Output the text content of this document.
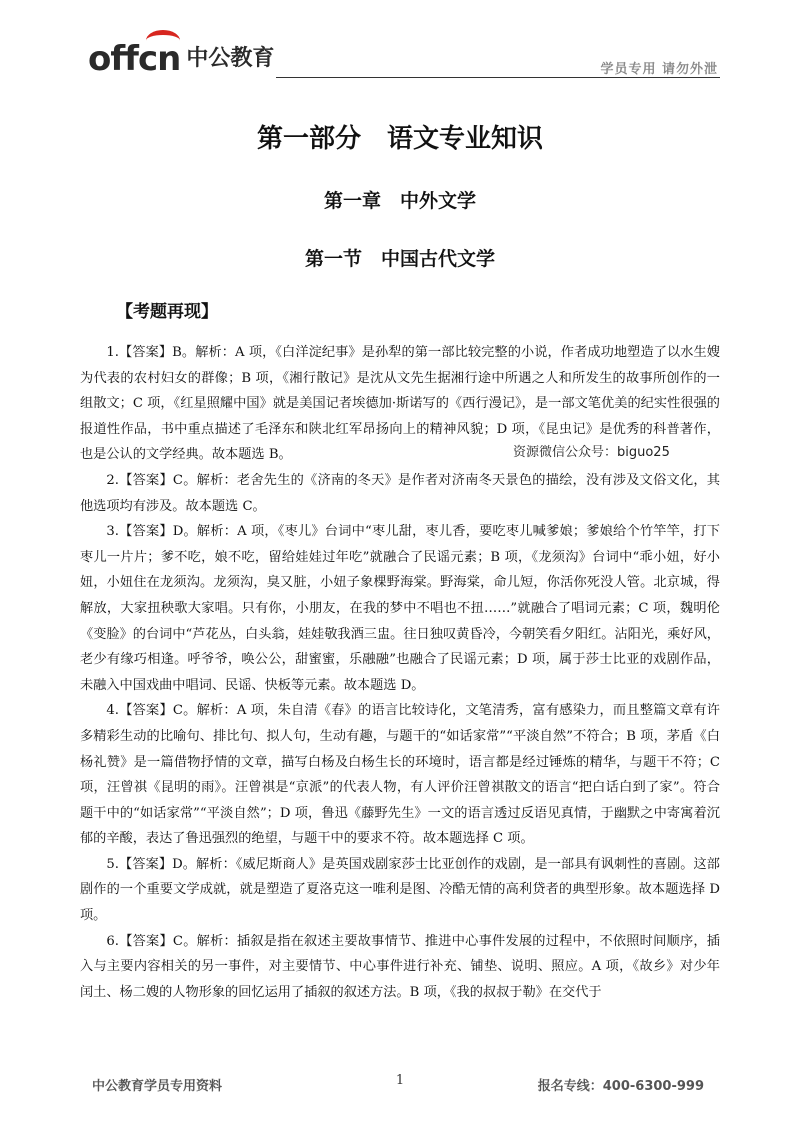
offcn 中公教育	学员专用 请勿外泄
第一部分　语文专业知识
第一章　中外文学
第一节　中国古代文学
【考题再现】

1.【答案】B。解析：A 项，《白洋淀纪事》是孙犁的第一部比较完整的小说，作者成功地塑造了以水生嫂为代表的农村妇女的群像；B 项，《湘行散记》是沈从文先生据湘行途中所遇之人和所发生的故事所创作的一组散文；C 项，《红星照耀中国》就是美国记者埃德加·斯诺写的《西行漫记》，是一部文笔优美的纪实性很强的报道性作品，书中重点描述了毛泽东和陕北红军昂扬向上的精神风貌；D 项，《昆虫记》是优秀的科普著作，也是公认的文学经典。故本题选 B。

2.【答案】C。解析：老舍先生的《济南的冬天》是作者对济南冬天景色的描绘，没有涉及文俗文化，其他选项均有涉及。故本题选 C。

3.【答案】D。解析：A 项，《枣儿》台词中“枣儿甜，枣儿香，要吃枣儿喊爹娘；爹娘给个竹竿竿，打下枣儿一片片；爹不吃，娘不吃，留给娃娃过年吃”就融合了民谣元素；B 项，《龙须沟》台词中“乖小妞，好小妞，小妞住在龙须沟。龙须沟，臭又脏，小妞子象棵野海棠。野海棠，命儿短，你活你死没人管。北京城，得解放，大家扭秧歌大家唱。只有你，小朋友，在我的梦中不唱也不扭……”就融合了唱词元素；C 项，魏明伦《变脸》的台词中“芦花丛，白头翁，娃娃敬我酒三盅。往日独叹黄昏冷，今朝笑看夕阳红。沾阳光，乘好风，老少有缘巧相逢。呼爷爷，唤公公，甜蜜蜜，乐融融”也融合了民谣元素；D 项，属于莎士比亚的戏剧作品，未融入中国戏曲中唱词、民谣、快板等元素。故本题选 D。

4.【答案】C。解析：A 项，朱自清《春》的语言比较诗化，文笔清秀，富有感染力，而且整篇文章有许多精彩生动的比喻句、排比句、拟人句，生动有趣，与题干的“如话家常”“平淡自然”不符合；B 项，茅盾《白杨礼赞》是一篇借物抒情的文章，描写白杨及白杨生长的环境时，语言都是经过锤炼的精华，与题干不符；C 项，汪曾祺《昆明的雨》。汪曾祺是“京派”的代表人物，有人评价汪曾祺散文的语言“把白话白到了家”。符合题干中的“如话家常”“平淡自然”；D 项，鲁迅《藤野先生》一文的语言透过反语见真情，于幽默之中寄寓着沉郁的辛酸，表达了鲁迅强烈的绝望，与题干中的要求不符。故本题选择 C 项。

5.【答案】D。解析：《威尼斯商人》是英国戏剧家莎士比亚创作的戏剧，是一部具有讽刺性的喜剧。这部剧作的一个重要文学成就，就是塑造了夏洛克这一唯利是图、冷酷无情的高利贷者的典型形象。故本题选择 D 项。

6.【答案】C。解析：插叙是指在叙述主要故事情节、推进中心事件发展的过程中，不依照时间顺序，插入与主要内容相关的另一事件，对主要情节、中心事件进行补充、铺垫、说明、照应。A 项，《故乡》对少年闰土、杨二嫂的人物形象的回忆运用了插叙的叙述方法。B 项，《我的叔叔于勒》在交代于

资源微信公众号：biguo25
中公教育学员专用资料	1	报名专线：400-6300-999
